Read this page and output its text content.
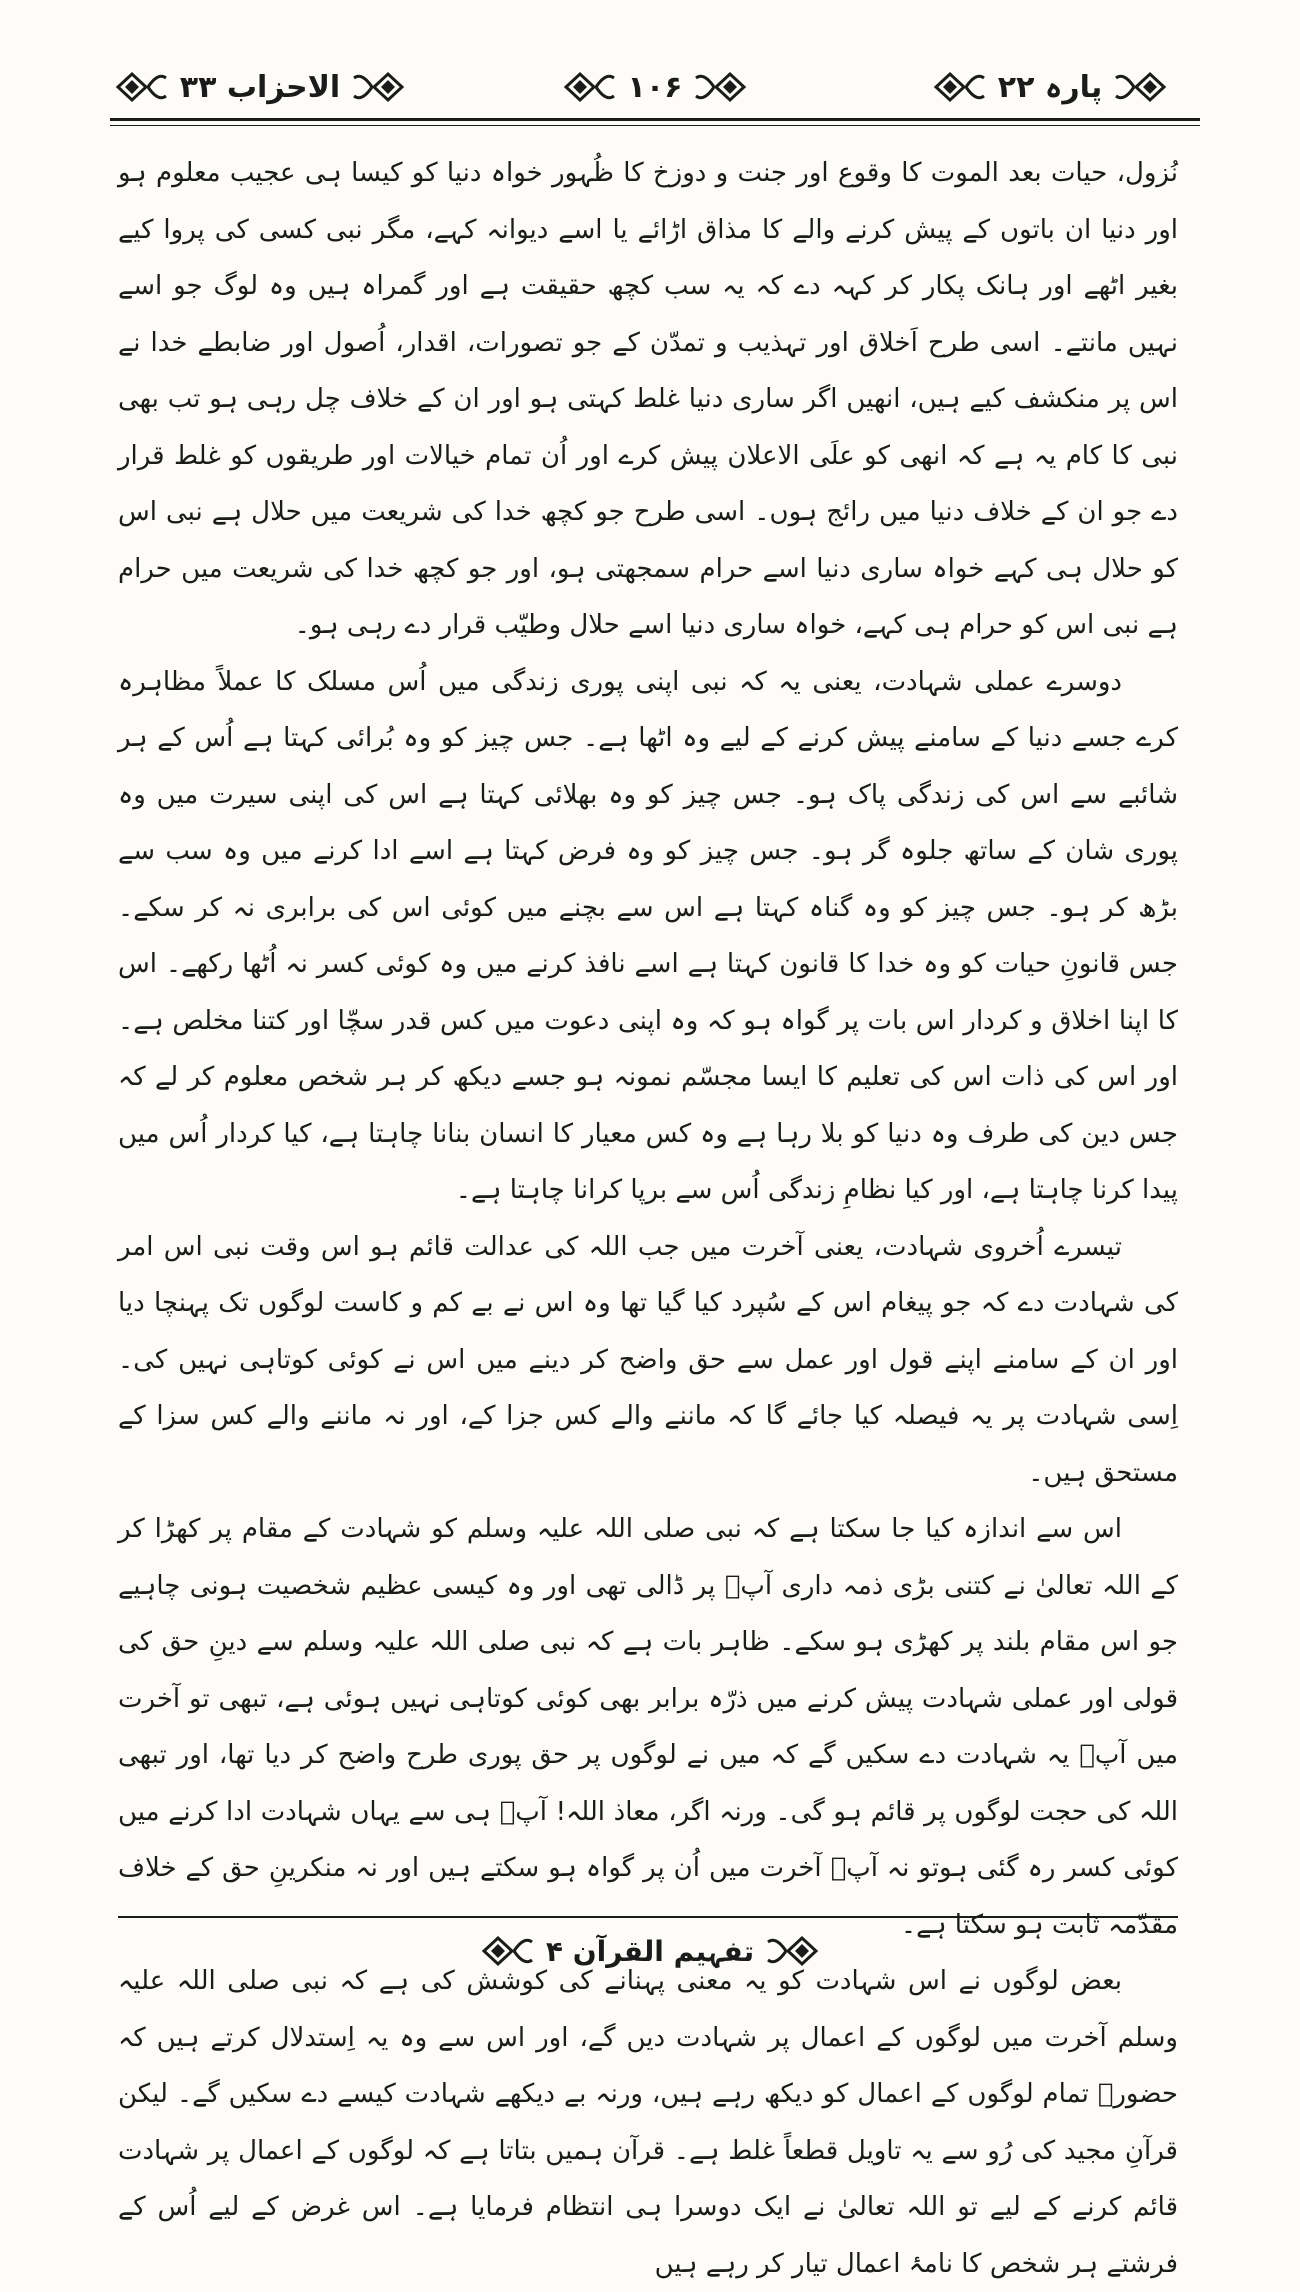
الاحزاب ۳۳	۱۰۶	پارہ ۲۲

نُزول، حیات بعد الموت کا وقوع اور جنت و دوزخ کا ظُہور خواہ دنیا کو کیسا ہی عجیب معلوم ہو اور دنیا ان باتوں کے پیش کرنے والے کا مذاق اڑائے یا اسے دیوانہ کہے، مگر نبی کسی کی پروا کیے بغیر اٹھے اور ہانک پکار کر کہہ دے کہ یہ سب کچھ حقیقت ہے اور گمراہ ہیں وہ لوگ جو اسے نہیں مانتے۔ اسی طرح اَخلاق اور تہذیب و تمدّن کے جو تصورات، اقدار، اُصول اور ضابطے خدا نے اس پر منکشف کیے ہیں، انھیں اگر ساری دنیا غلط کہتی ہو اور ان کے خلاف چل رہی ہو تب بھی نبی کا کام یہ ہے کہ انھی کو علَی الاعلان پیش کرے اور اُن تمام خیالات اور طریقوں کو غلط قرار دے جو ان کے خلاف دنیا میں رائج ہوں۔ اسی طرح جو کچھ خدا کی شریعت میں حلال ہے نبی اس کو حلال ہی کہے خواہ ساری دنیا اسے حرام سمجھتی ہو، اور جو کچھ خدا کی شریعت میں حرام ہے نبی اس کو حرام ہی کہے، خواہ ساری دنیا اسے حلال وطیّب قرار دے رہی ہو۔

دوسرے عملی شہادت، یعنی یہ کہ نبی اپنی پوری زندگی میں اُس مسلک کا عملاً مظاہرہ کرے جسے دنیا کے سامنے پیش کرنے کے لیے وہ اٹھا ہے۔ جس چیز کو وہ بُرائی کہتا ہے اُس کے ہر شائبے سے اس کی زندگی پاک ہو۔ جس چیز کو وہ بھلائی کہتا ہے اس کی اپنی سیرت میں وہ پوری شان کے ساتھ جلوہ گر ہو۔ جس چیز کو وہ فرض کہتا ہے اسے ادا کرنے میں وہ سب سے بڑھ کر ہو۔ جس چیز کو وہ گناہ کہتا ہے اس سے بچنے میں کوئی اس کی برابری نہ کر سکے۔ جس قانونِ حیات کو وہ خدا کا قانون کہتا ہے اسے نافذ کرنے میں وہ کوئی کسر نہ اُٹھا رکھے۔ اس کا اپنا اخلاق و کردار اس بات پر گواہ ہو کہ وہ اپنی دعوت میں کس قدر سچّا اور کتنا مخلص ہے۔ اور اس کی ذات اس کی تعلیم کا ایسا مجسّم نمونہ ہو جسے دیکھ کر ہر شخص معلوم کر لے کہ جس دین کی طرف وہ دنیا کو بلا رہا ہے وہ کس معیار کا انسان بنانا چاہتا ہے، کیا کردار اُس میں پیدا کرنا چاہتا ہے، اور کیا نظامِ زندگی اُس سے برپا کرانا چاہتا ہے۔

تیسرے اُخروی شہادت، یعنی آخرت میں جب اللہ کی عدالت قائم ہو اس وقت نبی اس امر کی شہادت دے کہ جو پیغام اس کے سُپرد کیا گیا تھا وہ اس نے بے کم و کاست لوگوں تک پہنچا دیا اور ان کے سامنے اپنے قول اور عمل سے حق واضح کر دینے میں اس نے کوئی کوتاہی نہیں کی۔ اِسی شہادت پر یہ فیصلہ کیا جائے گا کہ ماننے والے کس جزا کے، اور نہ ماننے والے کس سزا کے مستحق ہیں۔

اس سے اندازہ کیا جا سکتا ہے کہ نبی صلی اللہ علیہ وسلم کو شہادت کے مقام پر کھڑا کر کے اللہ تعالیٰ نے کتنی بڑی ذمہ داری آپؐ پر ڈالی تھی اور وہ کیسی عظیم شخصیت ہونی چاہیے جو اس مقام بلند پر کھڑی ہو سکے۔ ظاہر بات ہے کہ نبی صلی اللہ علیہ وسلم سے دینِ حق کی قولی اور عملی شہادت پیش کرنے میں ذرّہ برابر بھی کوئی کوتاہی نہیں ہوئی ہے، تبھی تو آخرت میں آپؐ یہ شہادت دے سکیں گے کہ میں نے لوگوں پر حق پوری طرح واضح کر دیا تھا، اور تبھی اللہ کی حجت لوگوں پر قائم ہو گی۔ ورنہ اگر، معاذ اللہ! آپؐ ہی سے یہاں شہادت ادا کرنے میں کوئی کسر رہ گئی ہوتو نہ آپؐ آخرت میں اُن پر گواہ ہو سکتے ہیں اور نہ منکرینِ حق کے خلاف مقدّمہ ثابت ہو سکتا ہے۔

بعض لوگوں نے اس شہادت کو یہ معنی پہنانے کی کوشش کی ہے کہ نبی صلی اللہ علیہ وسلم آخرت میں لوگوں کے اعمال پر شہادت دیں گے، اور اس سے وہ یہ اِستدلال کرتے ہیں کہ حضورؐ تمام لوگوں کے اعمال کو دیکھ رہے ہیں، ورنہ بے دیکھے شہادت کیسے دے سکیں گے۔ لیکن قرآنِ مجید کی رُو سے یہ تاویل قطعاً غلط ہے۔ قرآن ہمیں بتاتا ہے کہ لوگوں کے اعمال پر شہادت قائم کرنے کے لیے تو اللہ تعالیٰ نے ایک دوسرا ہی انتظام فرمایا ہے۔ اس غرض کے لیے اُس کے فرشتے ہر شخص کا نامۂ اعمال تیار کر رہے ہیں

تفہیم القرآن ۴
